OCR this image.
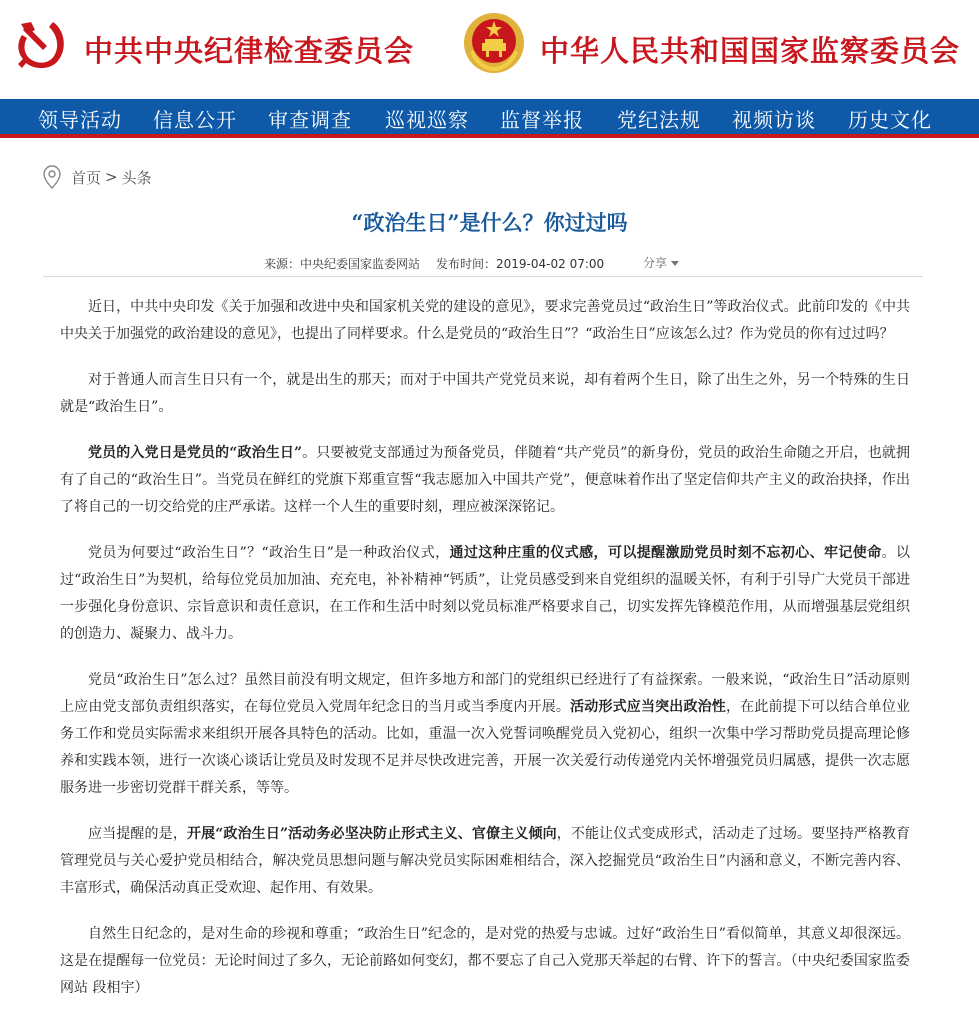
中共中央纪律检查委员会	中华人民共和国国家监察委员会
领导活动 信息公开 审查调查 巡视巡察 监督举报 党纪法规 视频访谈 历史文化
首页 > 头条
“政治生日”是什么？你过过吗
来源：中央纪委国家监委网站 发布时间：2019-04-02 07:00	分享

近日，中共中央印发《关于加强和改进中央和国家机关党的建设的意见》，要求完善党员过“政治生日”等政治仪式。此前印发的《中共中央关于加强党的政治建设的意见》，也提出了同样要求。什么是党员的“政治生日”？“政治生日”应该怎么过？作为党员的你有过过吗？

对于普通人而言生日只有一个，就是出生的那天；而对于中国共产党党员来说，却有着两个生日，除了出生之外，另一个特殊的生日就是“政治生日”。

党员的入党日是党员的“政治生日”。只要被党支部通过为预备党员，伴随着“共产党员”的新身份，党员的政治生命随之开启，也就拥有了自己的“政治生日”。当党员在鲜红的党旗下郑重宣誓“我志愿加入中国共产党”，便意味着作出了坚定信仰共产主义的政治抉择，作出了将自己的一切交给党的庄严承诺。这样一个人生的重要时刻，理应被深深铭记。

党员为何要过“政治生日”？“政治生日”是一种政治仪式，通过这种庄重的仪式感，可以提醒激励党员时刻不忘初心、牢记使命。以过“政治生日”为契机，给每位党员加加油、充充电，补补精神“钙质”，让党员感受到来自党组织的温暖关怀，有利于引导广大党员干部进一步强化身份意识、宗旨意识和责任意识，在工作和生活中时刻以党员标准严格要求自己，切实发挥先锋模范作用，从而增强基层党组织的创造力、凝聚力、战斗力。

党员“政治生日”怎么过？虽然目前没有明文规定，但许多地方和部门的党组织已经进行了有益探索。一般来说，“政治生日”活动原则上应由党支部负责组织落实，在每位党员入党周年纪念日的当月或当季度内开展。活动形式应当突出政治性，在此前提下可以结合单位业务工作和党员实际需求来组织开展各具特色的活动。比如，重温一次入党誓词唤醒党员入党初心，组织一次集中学习帮助党员提高理论修养和实践本领，进行一次谈心谈话让党员及时发现不足并尽快改进完善，开展一次关爱行动传递党内关怀增强党员归属感，提供一次志愿服务进一步密切党群干群关系，等等。

应当提醒的是，开展“政治生日”活动务必坚决防止形式主义、官僚主义倾向，不能让仪式变成形式，活动走了过场。要坚持严格教育管理党员与关心爱护党员相结合，解决党员思想问题与解决党员实际困难相结合，深入挖掘党员“政治生日”内涵和意义，不断完善内容、丰富形式，确保活动真正受欢迎、起作用、有效果。

自然生日纪念的，是对生命的珍视和尊重；“政治生日”纪念的，是对党的热爱与忠诚。过好“政治生日”看似简单，其意义却很深远。这是在提醒每一位党员：无论时间过了多久，无论前路如何变幻，都不要忘了自己入党那天举起的右臂、许下的誓言。（中央纪委国家监委网站 段相宇）
